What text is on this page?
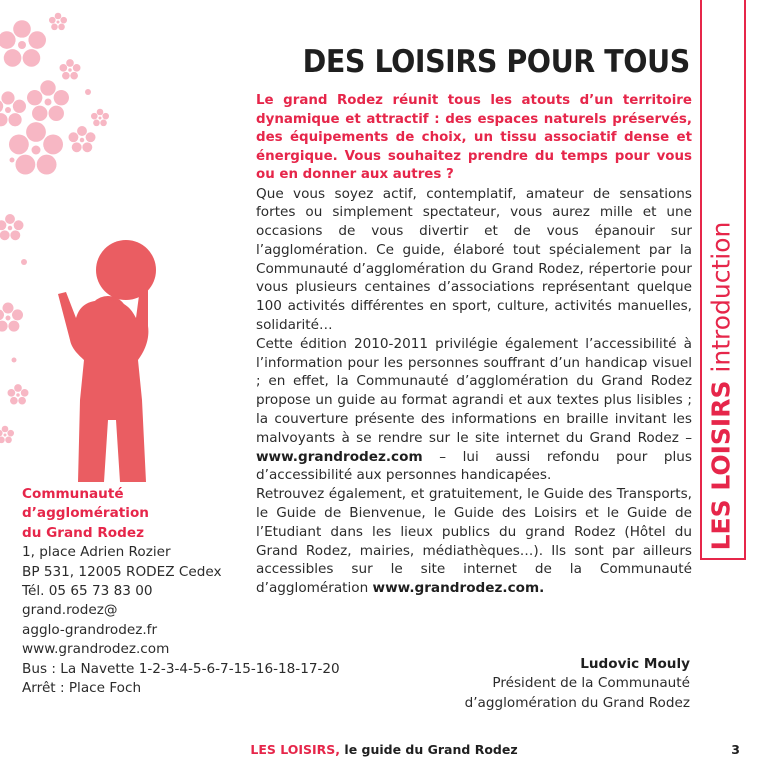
DES LOISIRS POUR TOUS

Le grand Rodez réunit tous les atouts d’un territoire dynamique et attractif : des espaces naturels préservés, des équipements de choix, un tissu associatif dense et énergique. Vous souhaitez prendre du temps pour vous ou en donner aux autres ?

Que vous soyez actif, contemplatif, amateur de sensations fortes ou simplement spectateur, vous aurez mille et une occasions de vous divertir et de vous épanouir sur l’agglomération. Ce guide, élaboré tout spécialement par la Communauté d’agglomération du Grand Rodez, répertorie pour vous plusieurs centaines d’associations représentant quelque 100 activités différentes en sport, culture, activités manuelles, solidarité…

Cette édition 2010-2011 privilégie également l’accessibilité à l’information pour les personnes souffrant d’un handicap visuel ; en effet, la Communauté d’agglomération du Grand Rodez propose un guide au format agrandi et aux textes plus lisibles ; la couverture présente des informations en braille invitant les malvoyants à se rendre sur le site internet du Grand Rodez – www.grandrodez.com – lui aussi refondu pour plus d’accessibilité aux personnes handicapées.

Retrouvez également, et gratuitement, le Guide des Transports, le Guide de Bienvenue, le Guide des Loisirs et le Guide de l’Etudiant dans les lieux publics du grand Rodez (Hôtel du Grand Rodez, mairies, médiathèques…). Ils sont par ailleurs accessibles sur le site internet de la Communauté d’agglomération www.grandrodez.com.

Communauté
d’agglomération
du Grand Rodez
1, place Adrien Rozier
BP 531, 12005 RODEZ Cedex
Tél. 05 65 73 83 00
grand.rodez@
agglo-grandrodez.fr
www.grandrodez.com
Bus : La Navette 1-2-3-4-5-6-7-15-16-18-17-20
Arrêt : Place Foch
Ludovic Mouly
Président de la Communauté
d’agglomération du Grand Rodez
LES LOISIRS introduction
LES LOISIRS, le guide du Grand Rodez	3
